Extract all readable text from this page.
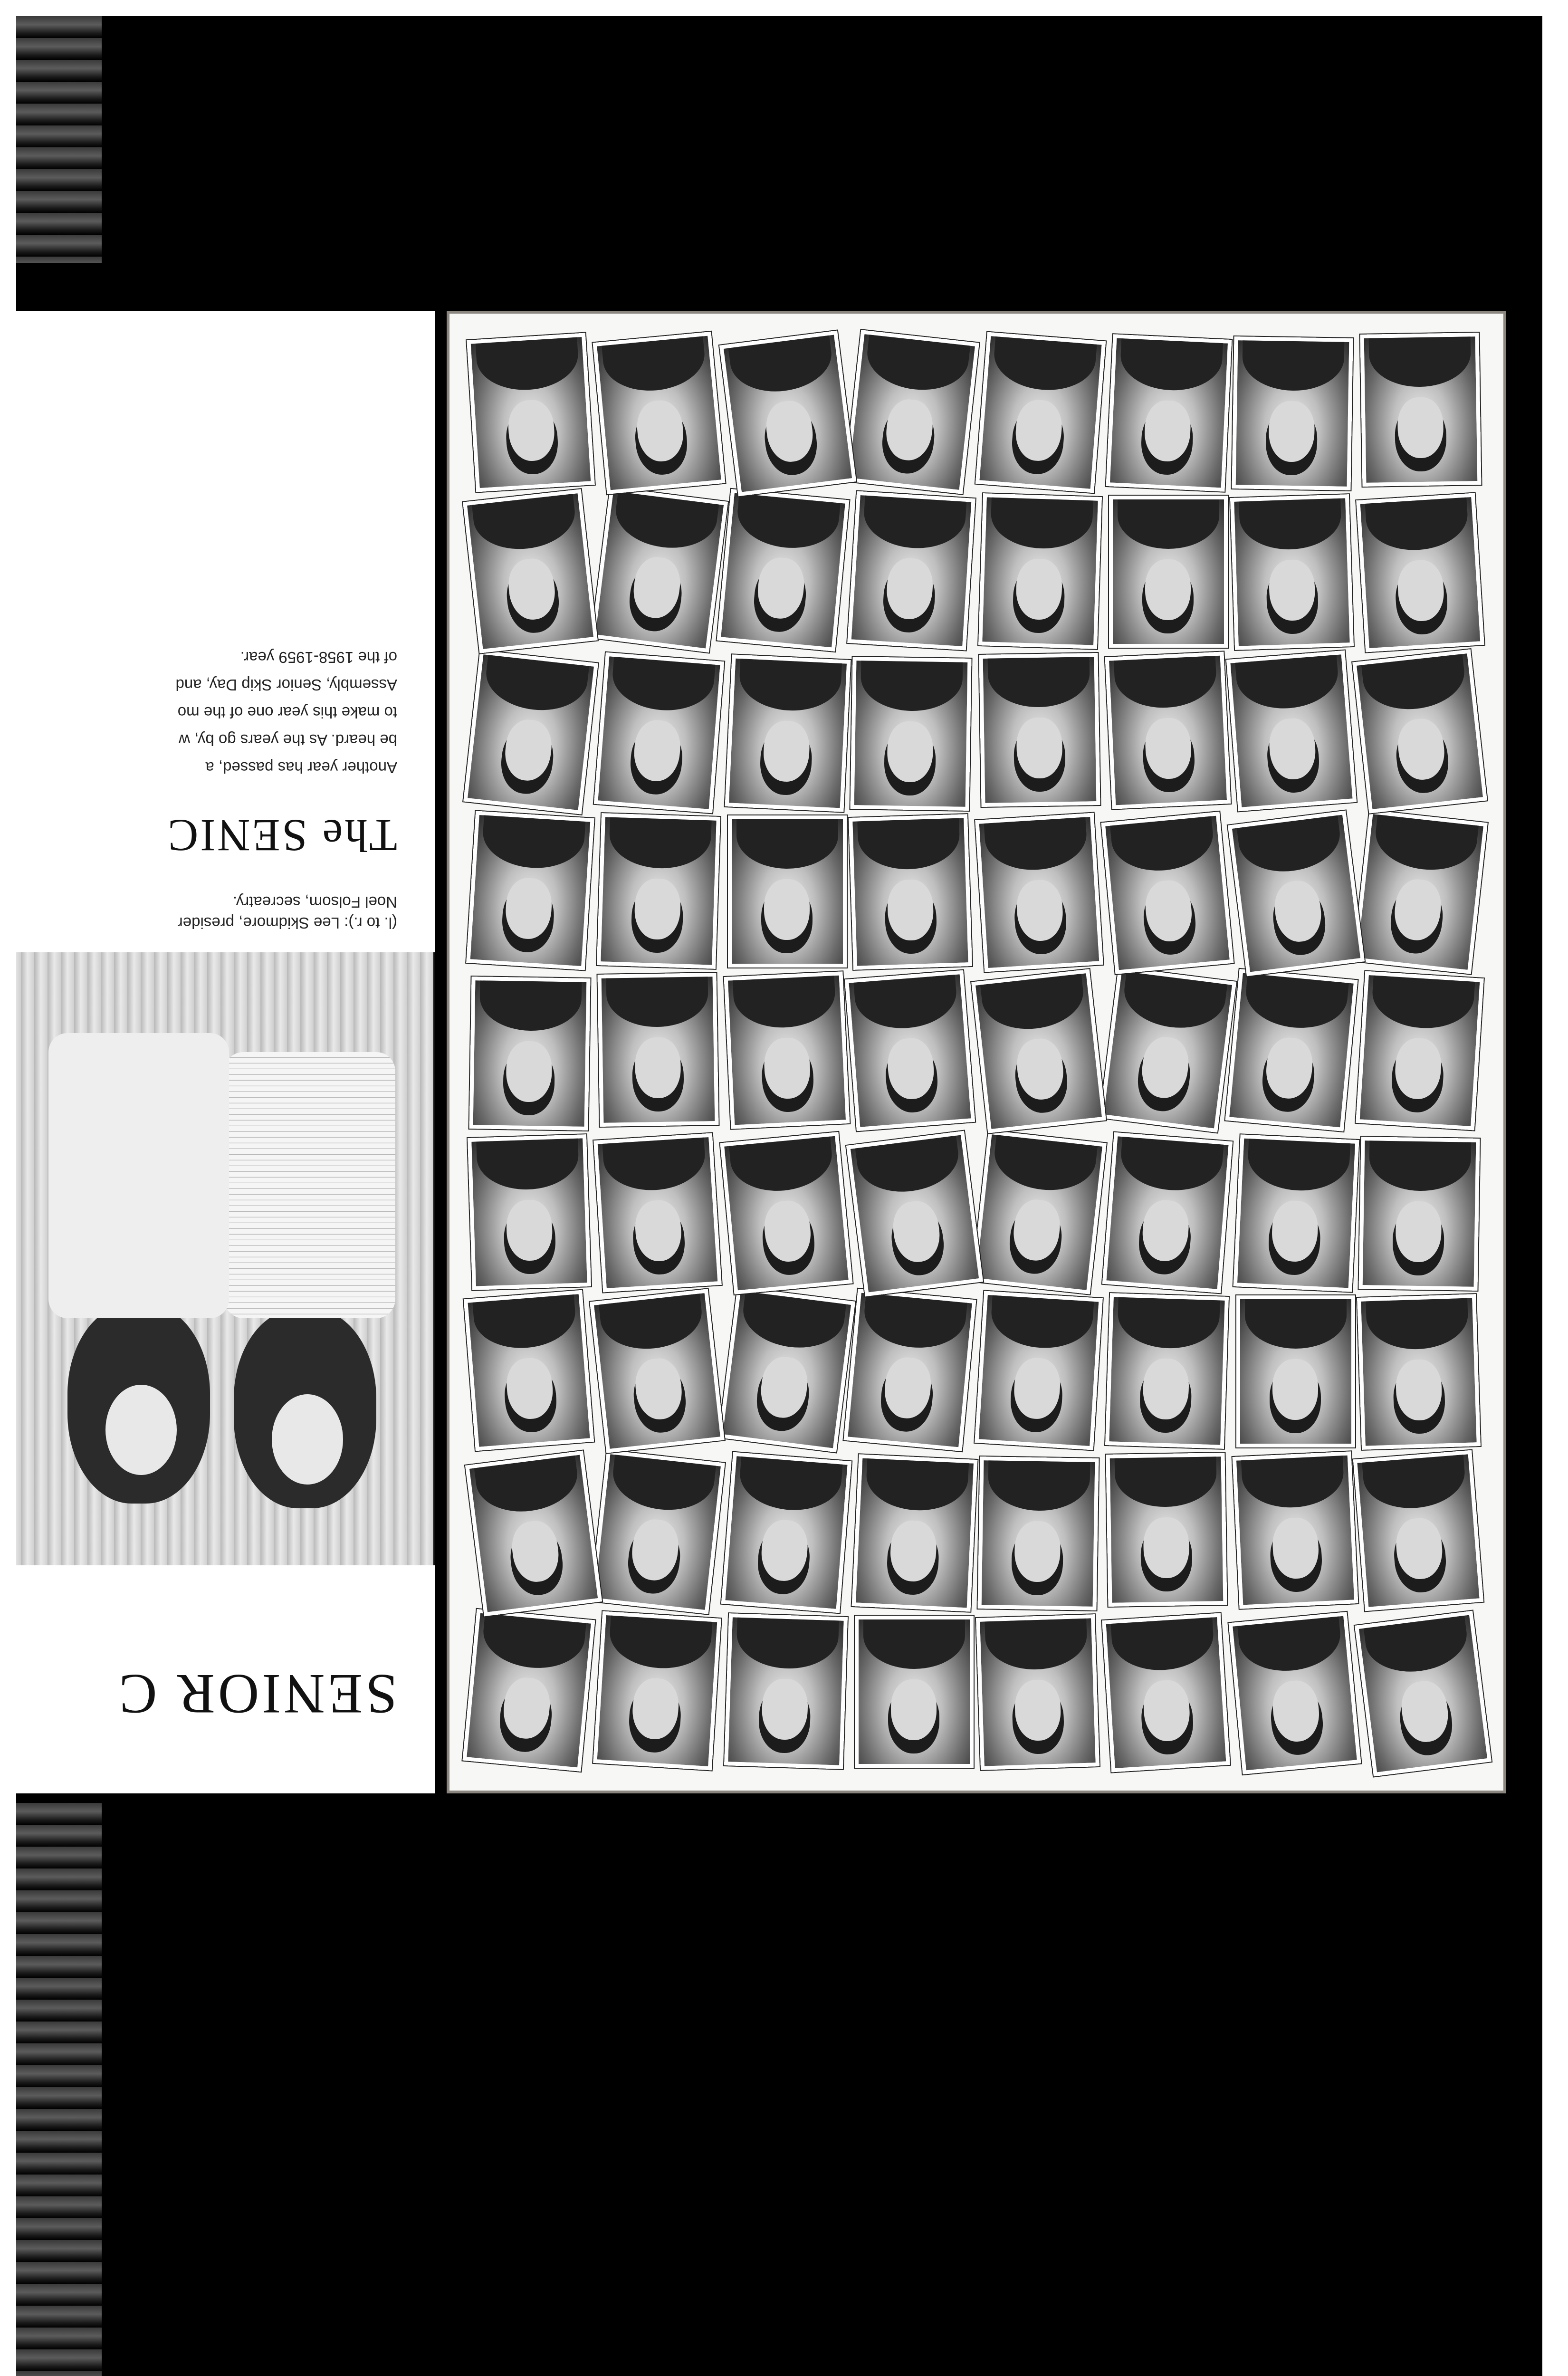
SENIOR C
(l. to r.): Lee Skidmore, presider
Noel Folsom, secreatry.
The SENIC
Another year has passed, a
be heard. As the years go by, w
to make this year one of the mo
Assembly, Senior Skip Day, and
of the 1958-1959 year.
